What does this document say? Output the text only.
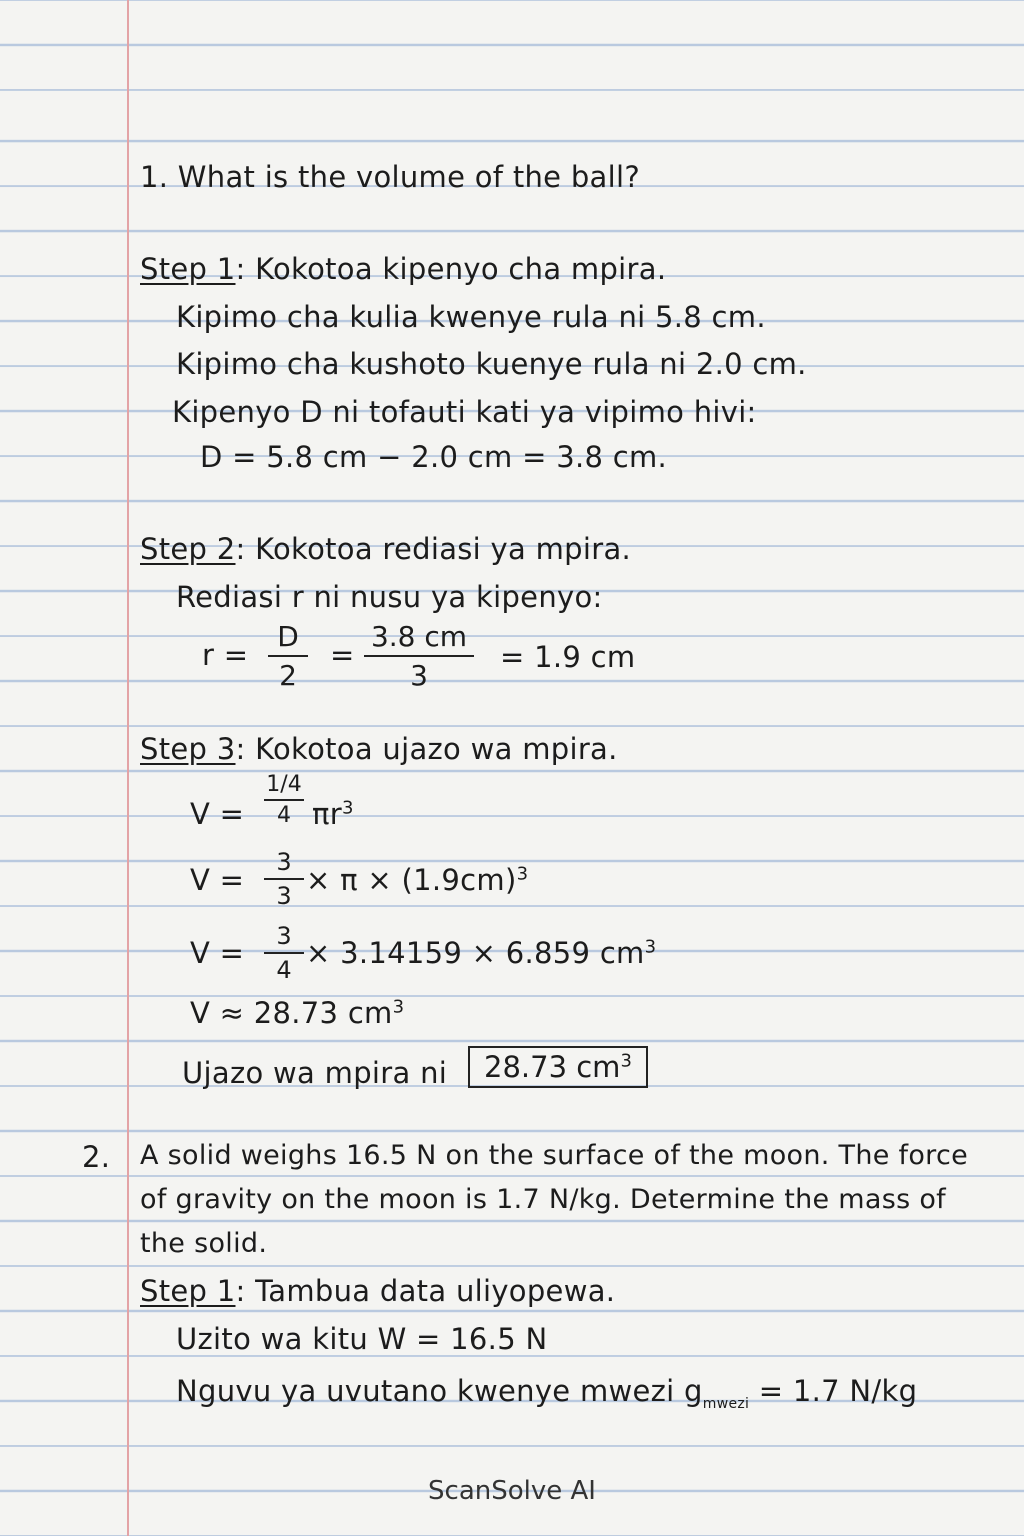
1. What is the volume of the ball?
Step 1: Kokotoa kipenyo cha mpira.
Kipimo cha kulia kwenye rula ni 5.8 cm.
Kipimo cha kushoto kuenye rula ni 2.0 cm.
Kipenyo D ni tofauti kati ya vipimo hivi:
D = 5.8 cm − 2.0 cm = 3.8 cm.
Step 2: Kokotoa rediasi ya mpira.
Rediasi r ni nusu ya kipenyo:
r =
D
2
=
3.8 cm
3
= 1.9 cm
Step 3: Kokotoa ujazo wa mpira.
V =
1/4
4 $\pi r^3$
V =
3
$3 \times \pi \times (1.9cm)^3$
V =	3
4 × 3.14159 × 6.859 $cm^3$
V ≈ 28.73 $cm^3$
Ujazo wa mpira ni	28.73 $cm^3$
2. A solid weighs 16.5 N on the surface of the moon. The force
of gravity on the moon is 1.7 N/kg. Determine the mass of
the solid.
Step 1: Tambua data uliyopewa.
Uzito wa kitu W = 16.5 N
Nguvu ya uvutano kwenye mwezi $g_{mwezi} = 1.7$ N/kg
ScanSolve AI
